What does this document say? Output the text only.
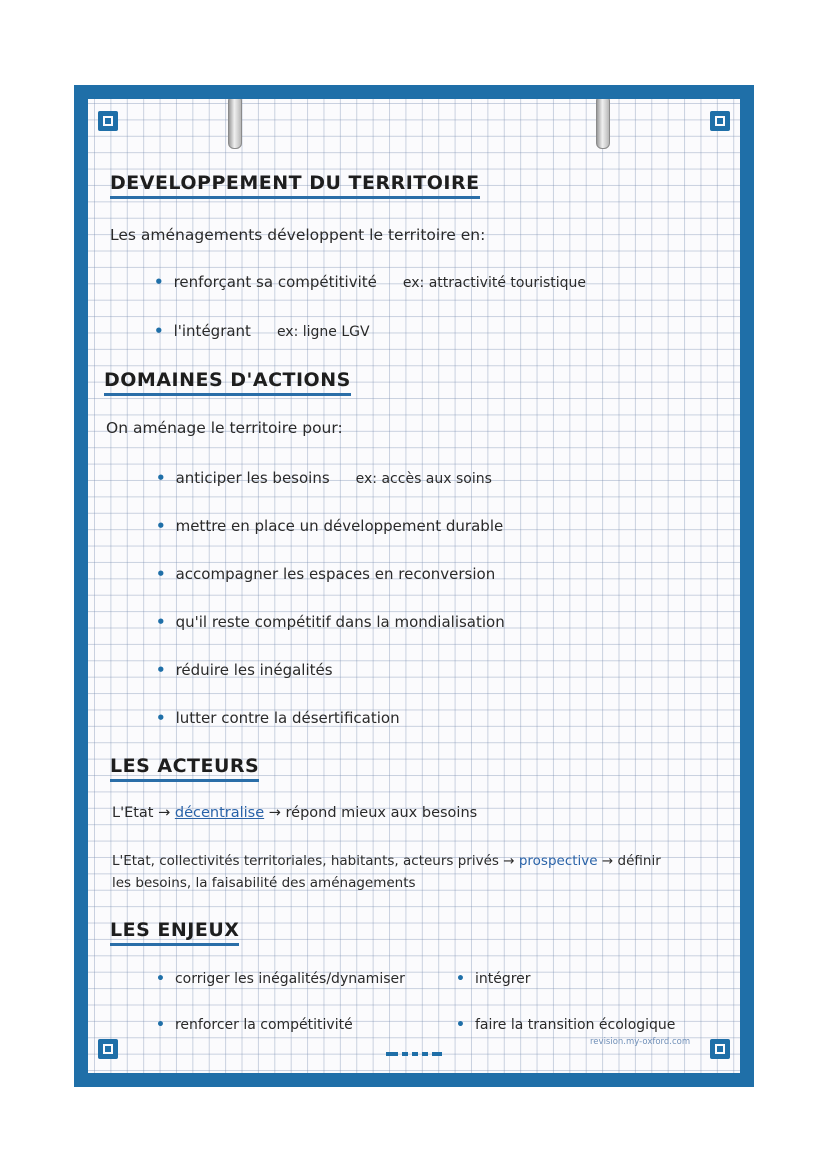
DEVELOPPEMENT DU TERRITOIRE
Les aménagements développent le territoire en:
• renforçant sa compétitivité ex: attractivité touristique
• l'intégrant ex: ligne LGV
DOMAINES D'ACTIONS
On aménage le territoire pour:
• anticiper les besoins ex: accès aux soins
• mettre en place un développement durable
• accompagner les espaces en reconversion
• qu'il reste compétitif dans la mondialisation
• réduire les inégalités
• lutter contre la désertification
LES ACTEURS
L'Etat → décentralise → répond mieux aux besoins
L'Etat, collectivités territoriales, habitants, acteurs privés → prospective → définir
les besoins, la faisabilité des aménagements
LES ENJEUX
• corriger les inégalités/dynamiser	• intégrer
• renforcer la compétitivité	• faire la transition écologique
revision.my-oxford.com
